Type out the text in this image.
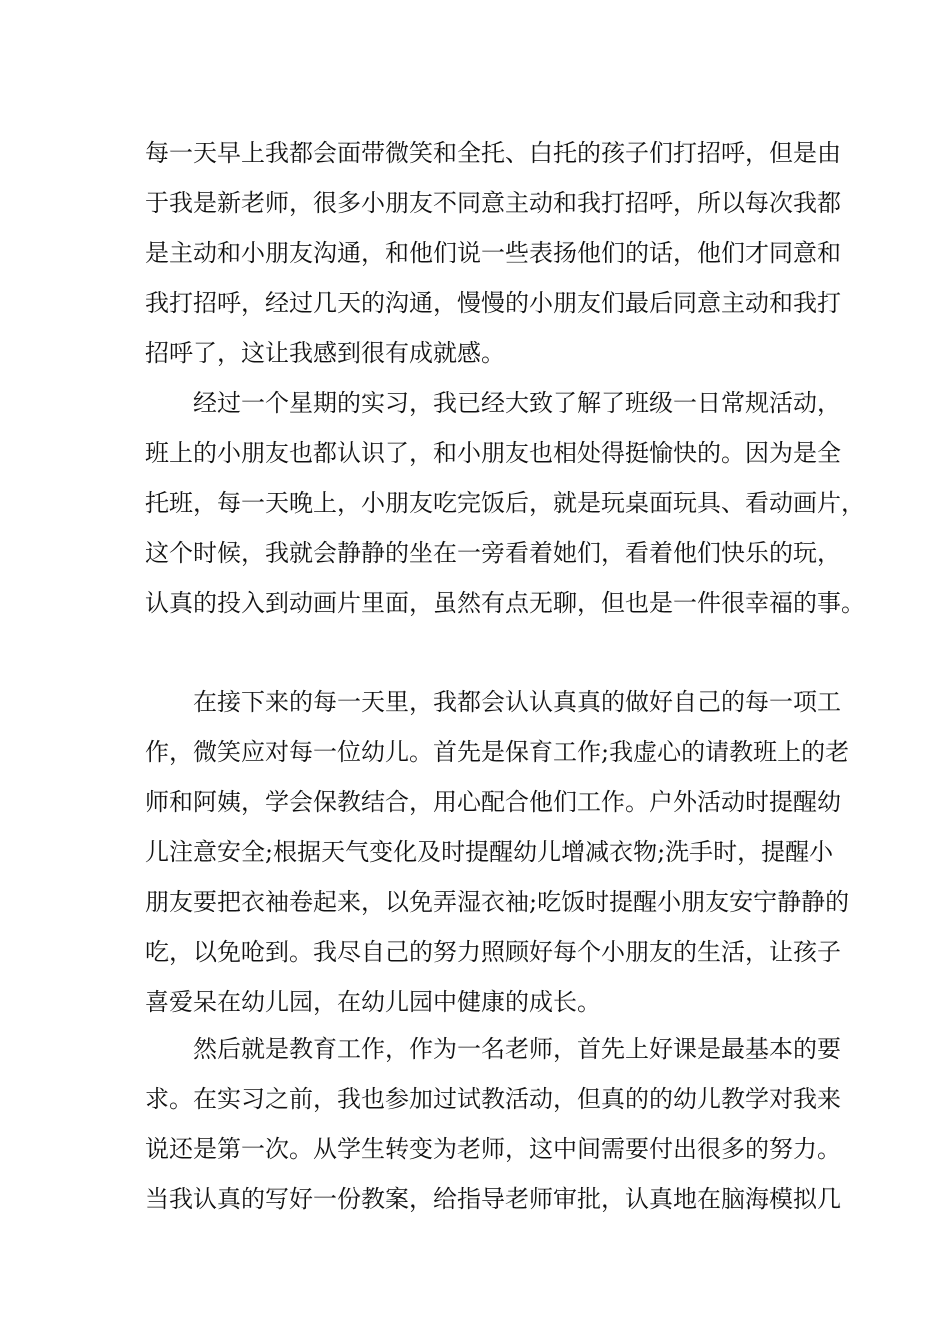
每一天早上我都会面带微笑和全托、白托的孩子们打招呼，但是由
于我是新老师，很多小朋友不同意主动和我打招呼，所以每次我都
是主动和小朋友沟通，和他们说一些表扬他们的话，他们才同意和
我打招呼，经过几天的沟通，慢慢的小朋友们最后同意主动和我打
招呼了，这让我感到很有成就感。
经过一个星期的实习，我已经大致了解了班级一日常规活动，
班上的小朋友也都认识了，和小朋友也相处得挺愉快的。因为是全
托班，每一天晚上，小朋友吃完饭后，就是玩桌面玩具、看动画片，
这个时候，我就会静静的坐在一旁看着她们，看着他们快乐的玩，
认真的投入到动画片里面，虽然有点无聊，但也是一件很幸福的事。
在接下来的每一天里，我都会认认真真的做好自己的每一项工
作，微笑应对每一位幼儿。首先是保育工作;我虚心的请教班上的老
师和阿姨，学会保教结合，用心配合他们工作。户外活动时提醒幼
儿注意安全;根据天气变化及时提醒幼儿增减衣物;洗手时，提醒小
朋友要把衣袖卷起来，以免弄湿衣袖;吃饭时提醒小朋友安宁静静的
吃，以免呛到。我尽自己的努力照顾好每个小朋友的生活，让孩子
喜爱呆在幼儿园，在幼儿园中健康的成长。
然后就是教育工作，作为一名老师，首先上好课是最基本的要
求。在实习之前，我也参加过试教活动，但真的的幼儿教学对我来
说还是第一次。从学生转变为老师，这中间需要付出很多的努力。
当我认真的写好一份教案，给指导老师审批，认真地在脑海模拟几
